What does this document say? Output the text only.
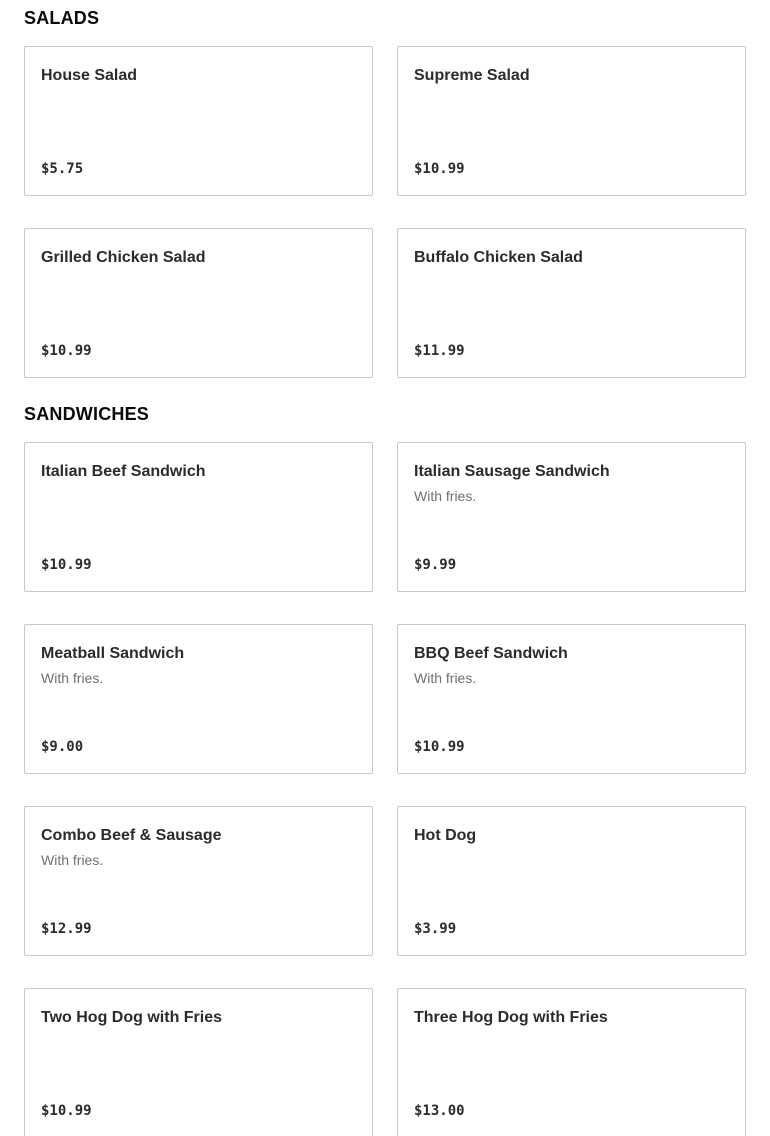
SALADS
House Salad
$5.75
Supreme Salad
$10.99
Grilled Chicken Salad
$10.99
Buffalo Chicken Salad
$11.99
SANDWICHES
Italian Beef Sandwich
$10.99
Italian Sausage Sandwich
With fries.
$9.99
Meatball Sandwich
With fries.
$9.00
BBQ Beef Sandwich
With fries.
$10.99
Combo Beef & Sausage
With fries.
$12.99
Hot Dog
$3.99
Two Hog Dog with Fries
$10.99
Three Hog Dog with Fries
$13.00
